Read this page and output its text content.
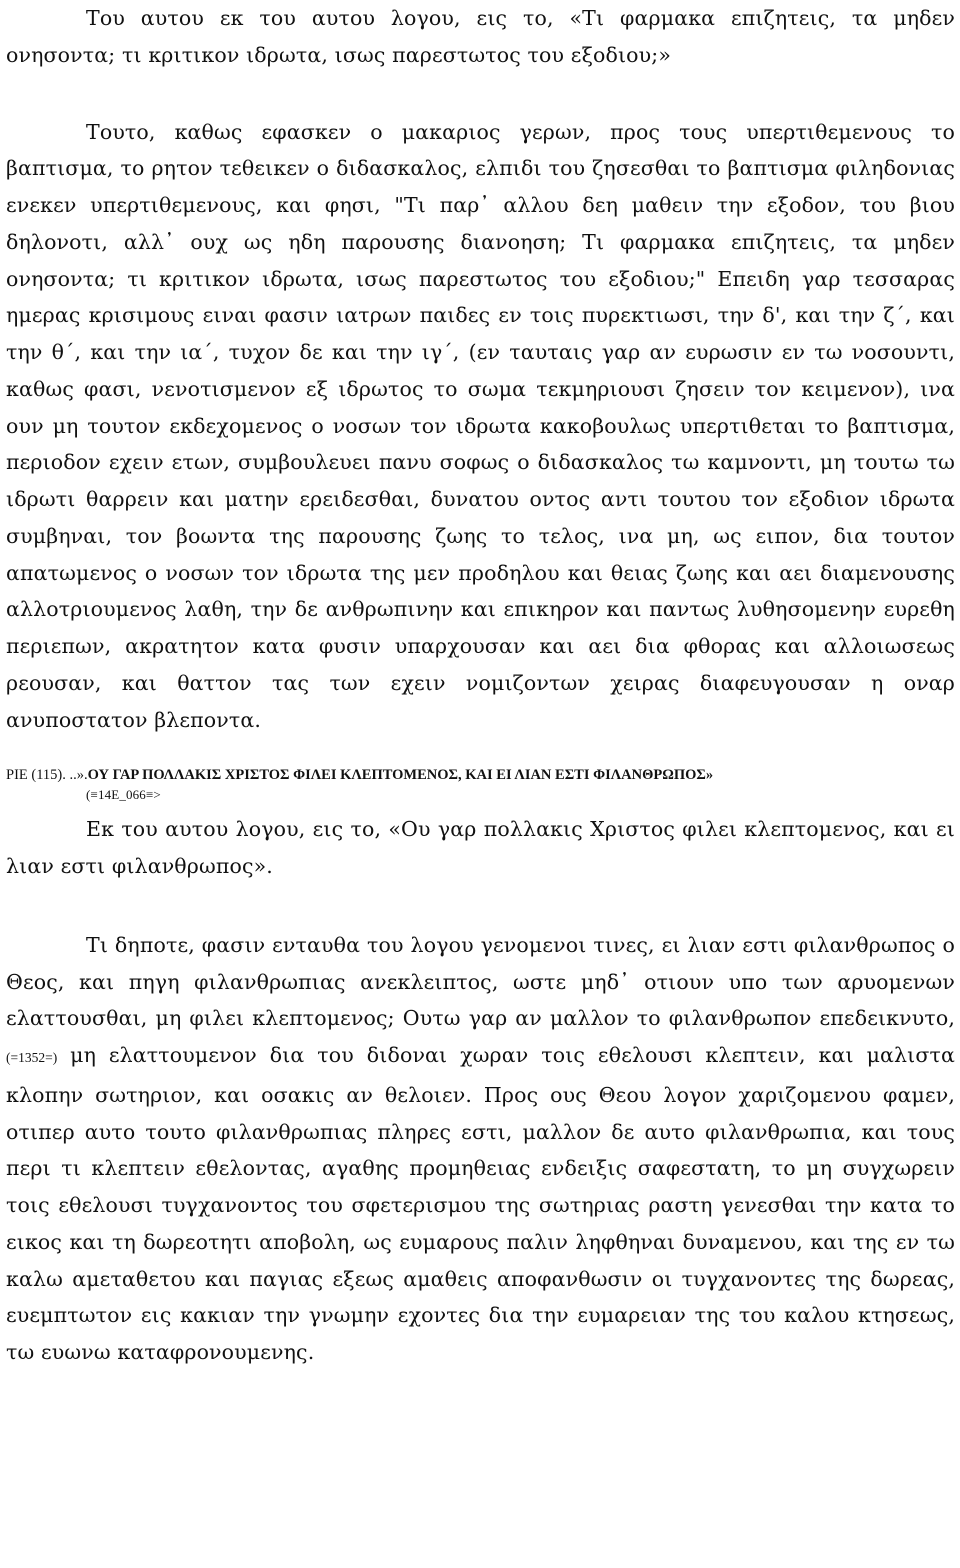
Του αυτου εκ του αυτου λογου, εις το, «Τι φαρμακα επιζητεις, τα μηδεν ονησοντα; τι κριτικον ιδρωτα, ισως παρεστωτος του εξοδιου;»

Τουτο, καθως εφασκεν ο μακαριος γερων, προς τους υπερτιθεμενους το βαπτισμα, το ρητον τεθεικεν ο διδασκαλος, ελπιδι του ζησεσθαι το βαπτισμα φιληδονιας ενεκεν υπερτιθεμενους, και φησι, "Τι παρ᾽ αλλου δεη μαθειν την εξοδον, του βιου δηλονοτι, αλλ᾽ ουχ ως ηδη παρουσης διανοηση; Τι φαρμακα επιζητεις, τα μηδεν ονησοντα; τι κριτικον ιδρωτα, ισως παρεστωτος του εξοδιου;" Επειδη γαρ τεσσαρας ημερας κρισιμους ειναι φασιν ιατρων παιδες εν τοις πυρεκτιωσι, την δ', και την ζ΄, και την θ΄, και την ια΄, τυχον δε και την ιγ΄, (εν ταυταις γαρ αν ευρωσιν εν τω νοσουντι, καθως φασι, νενοτισμενον εξ ιδρωτος το σωμα τεκμηριουσι ζησειν τον κειμενον), ινα ουν μη τουτον εκδεχομενος ο νοσων τον ιδρωτα κακοβουλως υπερτιθεται το βαπτισμα, περιοδον εχειν ετων, συμβουλευει πανυ σοφως ο διδασκαλος τω καμνοντι, μη τουτω τω ιδρωτι θαρρειν και ματην ερειδεσθαι, δυνατου οντος αντι τουτου τον εξοδιον ιδρωτα συμβηναι, τον βοωντα της παρουσης ζωης το τελος, ινα μη, ως ειπον, δια τουτον απατωμενος ο νοσων τον ιδρωτα της μεν προδηλου και θειας ζωης και αει διαμενουσης αλλοτριουμενος λαθη, την δε ανθρωπινην και επικηρον και παντως λυθησομενην ευρεθη περιεπων, ακρατητον κατα φυσιν υπαρχουσαν και αει δια φθορας και αλλοιωσεως ρεουσαν, και θαττον τας των εχειν νομιζοντων χειρας διαφευγουσαν η οναρ ανυποστατον βλεποντα.

ΡΙΕ (115). ..».ΟΥ ΓΑΡ ΠΟΛΛΑΚΙΣ ΧΡΙΣΤΟΣ ΦΙΛΕΙ ΚΛΕΠΤΟΜΕΝΟΣ, ΚΑΙ ΕΙ ΛΙΑΝ ΕΣΤΙ ΦΙΛΑΝΘΡΩΠΟΣ»
(≡14Ε_066≡>

Εκ του αυτου λογου, εις το, «Ου γαρ πολλακις Χριστος φιλει κλεπτομενος, και ει λιαν εστι φιλανθρωπος».

Τι δηποτε, φασιν ενταυθα του λογου γενομενοι τινες, ει λιαν εστι φιλανθρωπος ο Θεος, και πηγη φιλανθρωπιας ανεκλειπτος, ωστε μηδ᾽ οτιουν υπο των αρυομενων ελαττουσθαι, μη φιλει κλεπτομενος; Ουτω γαρ αν μαλλον το φιλανθρωπον επεδεικνυτο, (=1352=) μη ελαττουμενον δια του διδοναι χωραν τοις εθελουσι κλεπτειν, και μαλιστα κλοπην σωτηριον, και οσακις αν θελοιεν. Προς ους Θεου λογον χαριζομενου φαμεν, οτιπερ αυτο τουτο φιλανθρωπιας πληρες εστι, μαλλον δε αυτο φιλανθρωπια, και τους περι τι κλεπτειν εθελοντας, αγαθης προμηθειας ενδειξις σαφεστατη, το μη συγχωρειν τοις εθελουσι τυγχανοντος του σφετερισμου της σωτηριας ραστη γενεσθαι την κατα το εικος και τη δωρεοτητι αποβολη, ως ευμαρους παλιν ληφθηναι δυναμενου, και της εν τω καλω αμεταθετου και παγιας εξεως αμαθεις αποφανθωσιν οι τυγχανοντες της δωρεας, ευεμπτωτον εις κακιαν την γνωμην εχοντες δια την ευμαρειαν της του καλου κτησεως, τω ευωνω καταφρονουμενης.
